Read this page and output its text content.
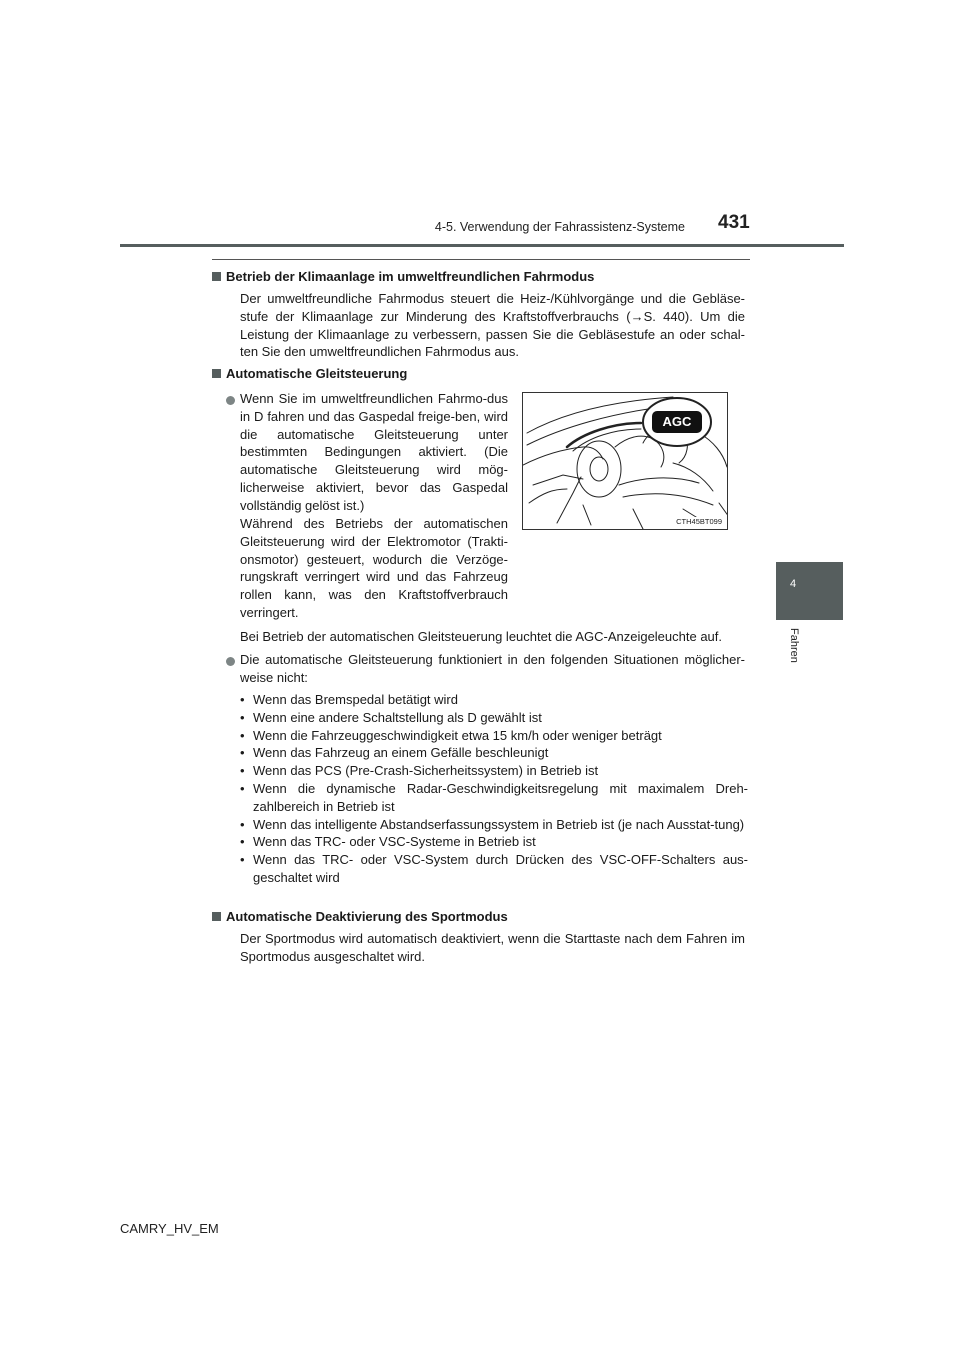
4-5. Verwendung der Fahrassistenz-Systeme 431
4
Fahren
Betrieb der Klimaanlage im umweltfreundlichen Fahrmodus

Der umweltfreundliche Fahrmodus steuert die Heiz-/Kühlvorgänge und die Gebläse-stufe der Klimaanlage zur Minderung des Kraftstoffverbrauchs (→S. 440). Um die Leistung der Klimaanlage zu verbessern, passen Sie die Gebläsestufe an oder schal-ten Sie den umweltfreundlichen Fahrmodus aus.

Automatische Gleitsteuerung

Wenn Sie im umweltfreundlichen Fahrmo-dus in D fahren und das Gaspedal freige-ben, wird die automatische Gleitsteuerung unter bestimmten Bedingungen aktiviert. (Die automatische Gleitsteuerung wird mög-licherweise aktiviert, bevor das Gaspedal vollständig gelöst ist.)

Während des Betriebs der automatischen Gleitsteuerung wird der Elektromotor (Trakti-onsmotor) gesteuert, wodurch die Verzöge-rungskraft verringert wird und das Fahrzeug rollen kann, was den Kraftstoffverbrauch verringert.

AGC
CTH45BT099

Bei Betrieb der automatischen Gleitsteuerung leuchtet die AGC-Anzeigeleuchte auf.

Die automatische Gleitsteuerung funktioniert in den folgenden Situationen möglicher-weise nicht:

• Wenn das Bremspedal betätigt wird
• Wenn eine andere Schaltstellung als D gewählt ist
• Wenn die Fahrzeuggeschwindigkeit etwa 15 km/h oder weniger beträgt
• Wenn das Fahrzeug an einem Gefälle beschleunigt
• Wenn das PCS (Pre-Crash-Sicherheitssystem) in Betrieb ist
• Wenn die dynamische Radar-Geschwindigkeitsregelung mit maximalem Dreh-zahlbereich in Betrieb ist
• Wenn das intelligente Abstandserfassungssystem in Betrieb ist (je nach Ausstat-tung)
• Wenn das TRC- oder VSC-Systeme in Betrieb ist
• Wenn das TRC- oder VSC-System durch Drücken des VSC-OFF-Schalters aus-geschaltet wird
Automatische Deaktivierung des Sportmodus

Der Sportmodus wird automatisch deaktiviert, wenn die Starttaste nach dem Fahren im Sportmodus ausgeschaltet wird.

CAMRY_HV_EM
